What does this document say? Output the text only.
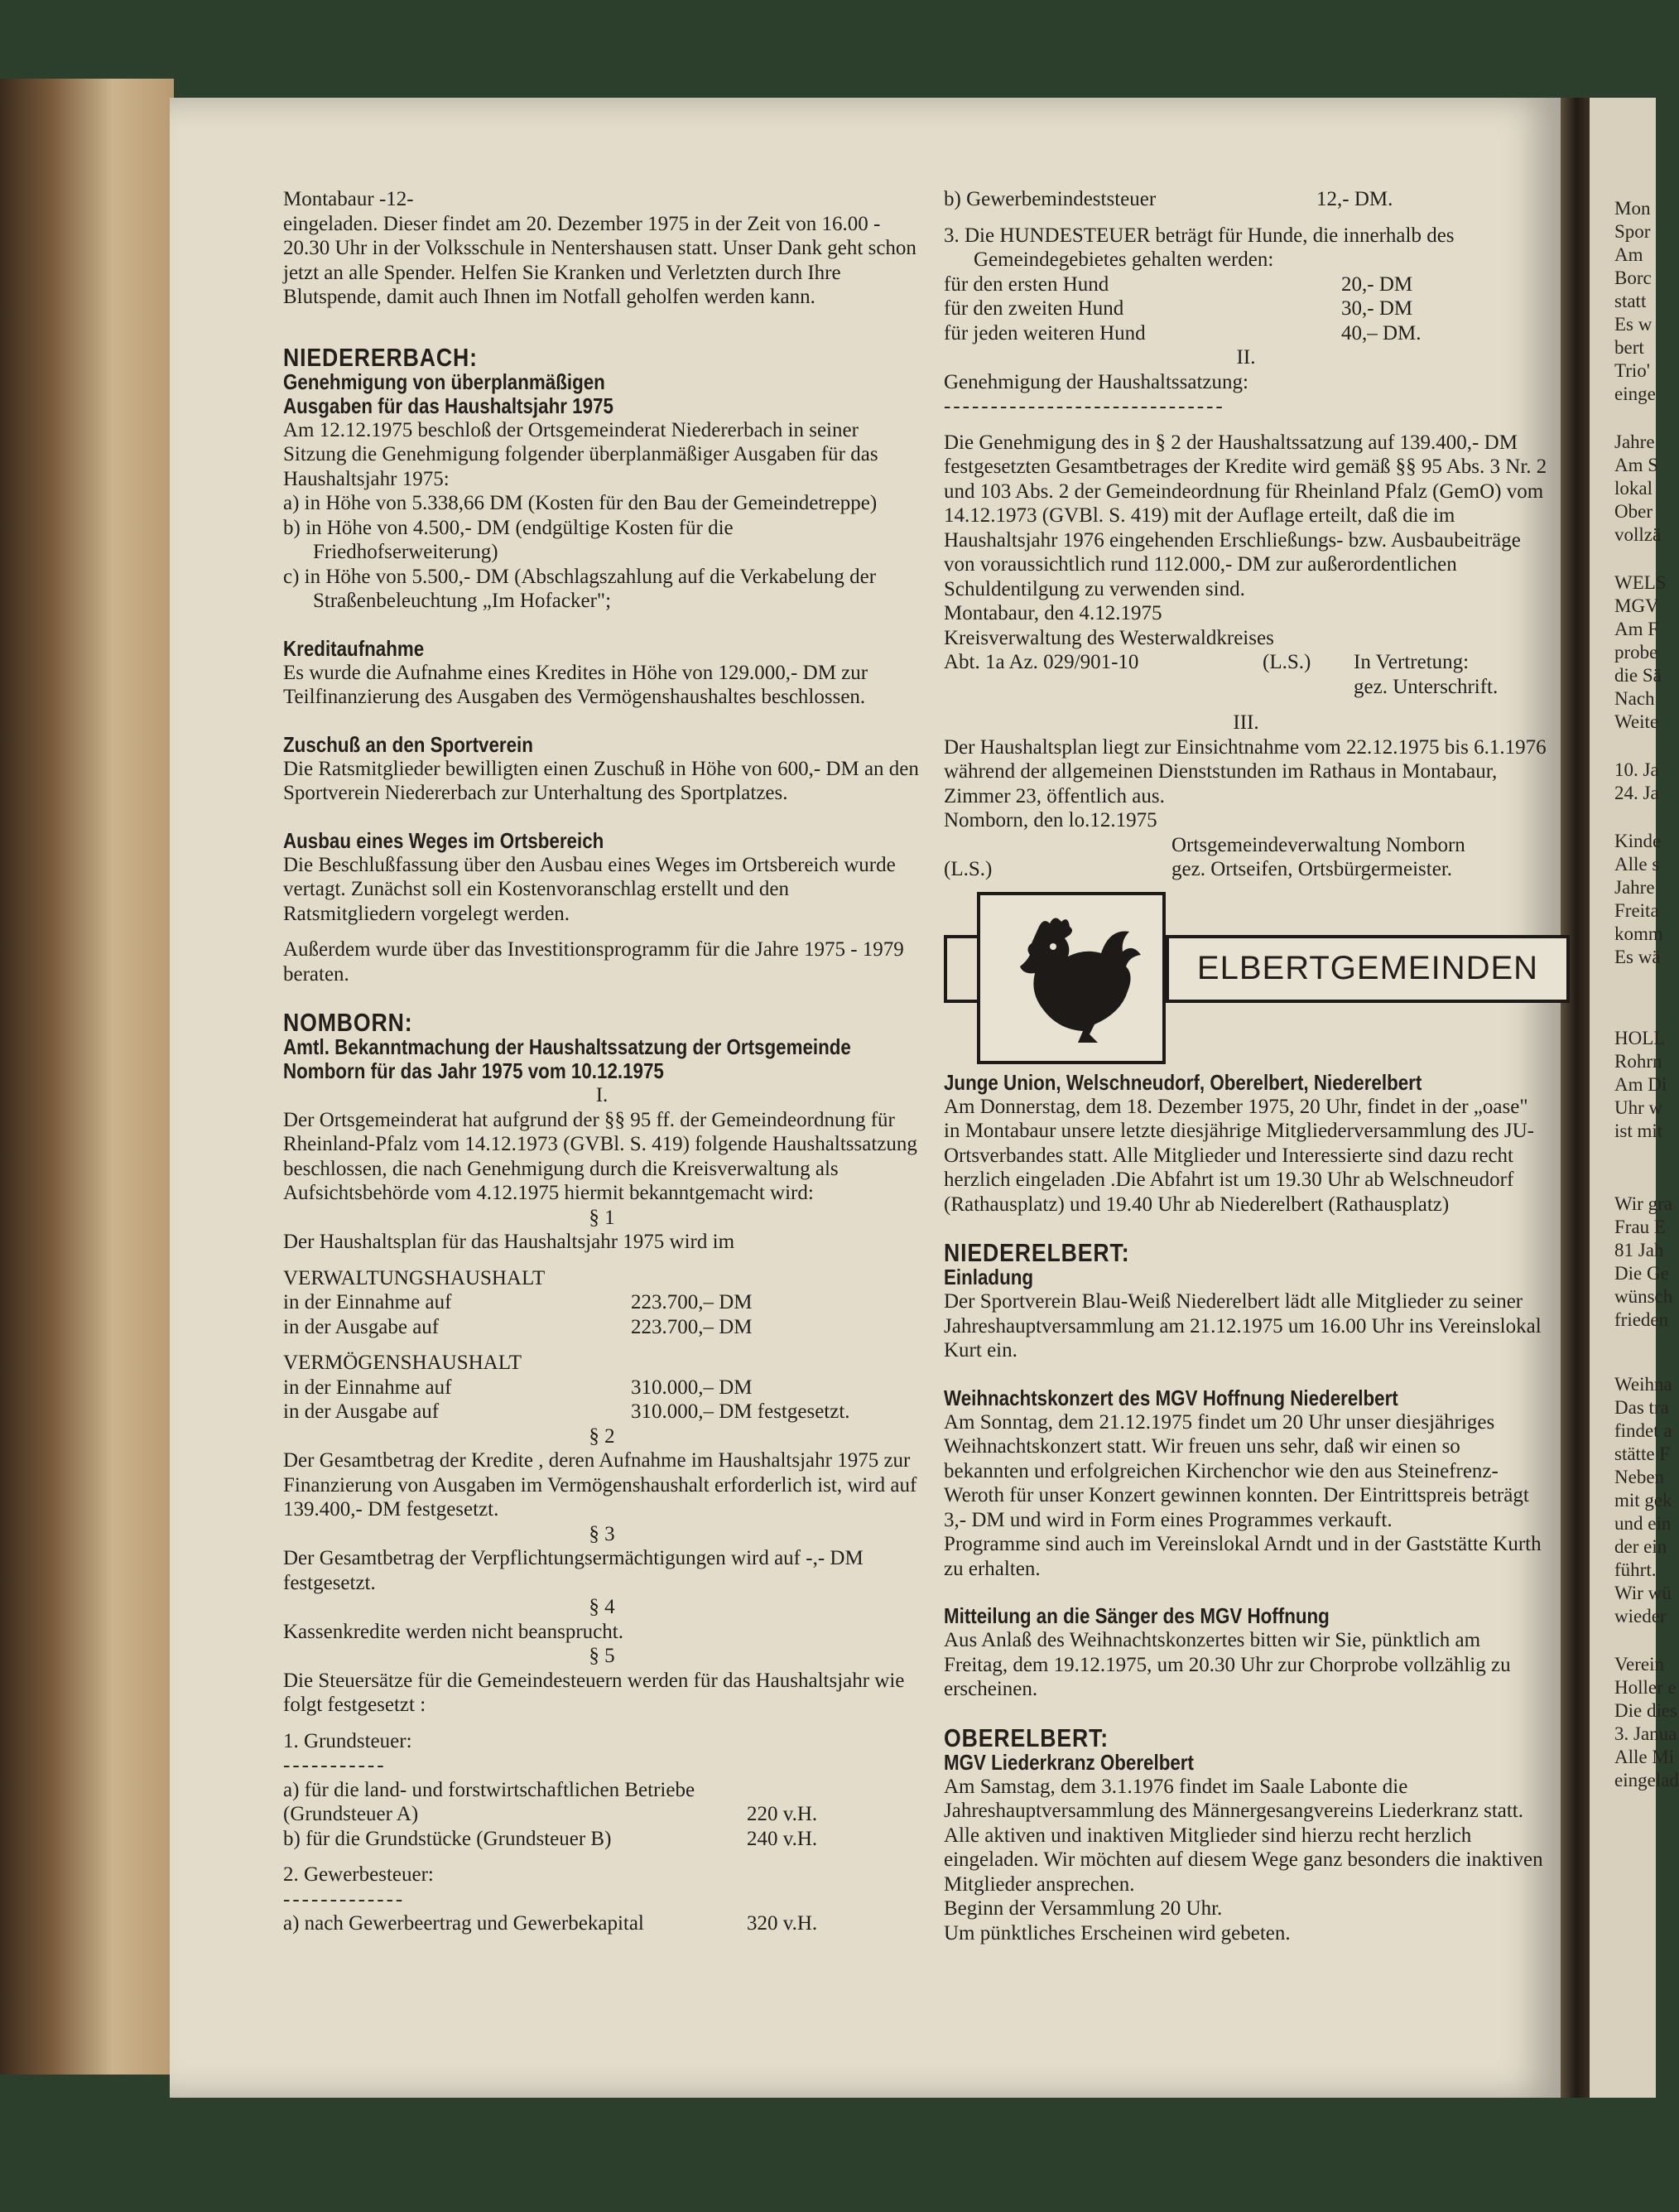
Montabaur -12-

eingeladen. Dieser findet am 20. Dezember 1975 in der Zeit von 16.00 - 20.30 Uhr in der Volksschule in Nentershausen statt. Unser Dank geht schon jetzt an alle Spender. Helfen Sie Kranken und Verletzten durch Ihre Blutspende, damit auch Ihnen im Notfall geholfen werden kann.

NIEDERERBACH:
Genehmigung von überplanmäßigen Ausgaben für das Haushaltsjahr 1975

Am 12.12.1975 beschloß der Ortsgemeinderat Niedererbach in seiner Sitzung die Genehmigung folgender überplanmäßiger Ausgaben für das Haushaltsjahr 1975:

a) in Höhe von 5.338,66 DM (Kosten für den Bau der Gemeindetreppe)

b) in Höhe von 4.500,- DM (endgültige Kosten für die Friedhofserweiterung)

c) in Höhe von 5.500,- DM (Abschlagszahlung auf die Verkabelung der Straßenbeleuchtung „Im Hofacker";

Kreditaufnahme

Es wurde die Aufnahme eines Kredites in Höhe von 129.000,- DM zur Teilfinanzierung des Ausgaben des Vermögenshaushaltes beschlossen.

Zuschuß an den Sportverein

Die Ratsmitglieder bewilligten einen Zuschuß in Höhe von 600,- DM an den Sportverein Niedererbach zur Unterhaltung des Sportplatzes.

Ausbau eines Weges im Ortsbereich

Die Beschlußfassung über den Ausbau eines Weges im Ortsbereich wurde vertagt. Zunächst soll ein Kostenvoranschlag erstellt und den Ratsmitgliedern vorgelegt werden.

Außerdem wurde über das Investitionsprogramm für die Jahre 1975 - 1979 beraten.

NOMBORN:
Amtl. Bekanntmachung der Haushaltssatzung der Ortsgemeinde Nomborn für das Jahr 1975 vom 10.12.1975

I.

Der Ortsgemeinderat hat aufgrund der §§ 95 ff. der Gemeindeordnung für Rheinland-Pfalz vom 14.12.1973 (GVBl. S. 419) folgende Haushaltssatzung beschlossen, die nach Genehmigung durch die Kreisverwaltung als Aufsichtsbehörde vom 4.12.1975 hiermit bekanntgemacht wird:

§ 1

Der Haushaltsplan für das Haushaltsjahr 1975 wird im

VERWALTUNGSHAUSHALT

in der Einnahme auf	223.700,– DM

in der Ausgabe auf	223.700,– DM

VERMÖGENSHAUSHALT

in der Einnahme auf	310.000,– DM

in der Ausgabe auf	310.000,– DM festgesetzt.

§ 2

Der Gesamtbetrag der Kredite , deren Aufnahme im Haushaltsjahr 1975 zur Finanzierung von Ausgaben im Vermögenshaushalt erforderlich ist, wird auf 139.400,- DM festgesetzt.

§ 3

Der Gesamtbetrag der Verpflichtungsermächtigungen wird auf -,- DM festgesetzt.

§ 4

Kassenkredite werden nicht beansprucht.

§ 5

Die Steuersätze für die Gemeindesteuern werden für das Haushaltsjahr wie folgt festgesetzt :

1. Grundsteuer:

-----------

a) für die land- und forstwirtschaftlichen Betriebe (Grundsteuer A)	220 v.H.

b) für die Grundstücke (Grundsteuer B)	240 v.H.

2. Gewerbesteuer:

-------------

a) nach Gewerbeertrag und Gewerbekapital	320 v.H.

b) Gewerbemindeststeuer	12,- DM.

3. Die HUNDESTEUER beträgt für Hunde, die innerhalb des Gemeindegebietes gehalten werden:

für den ersten Hund	20,- DM

für den zweiten Hund	30,- DM

für jeden weiteren Hund	40,– DM.

II.

Genehmigung der Haushaltssatzung:

------------------------------

Die Genehmigung des in § 2 der Haushaltssatzung auf 139.400,- DM festgesetzten Gesamtbetrages der Kredite wird gemäß §§ 95 Abs. 3 Nr. 2 und 103 Abs. 2 der Gemeindeordnung für Rheinland Pfalz (GemO) vom 14.12.1973 (GVBl. S. 419) mit der Auflage erteilt, daß die im Haushaltsjahr 1976 eingehenden Erschließungs- bzw. Ausbaubeiträge von voraussichtlich rund 112.000,- DM zur außerordentlichen Schuldentilgung zu verwenden sind.

Montabaur, den 4.12.1975

Kreisverwaltung des Westerwaldkreises

Abt. 1a Az. 029/901-10	(L.S.)	In Vertretung:

gez. Unterschrift.

III.

Der Haushaltsplan liegt zur Einsichtnahme vom 22.12.1975 bis 6.1.1976 während der allgemeinen Dienststunden im Rathaus in Montabaur, Zimmer 23, öffentlich aus.

Nomborn, den lo.12.1975

Ortsgemeindeverwaltung Nomborn

(L.S.)	gez. Ortseifen, Ortsbürgermeister.

ELBERTGEMEINDEN
Junge Union, Welschneudorf, Oberelbert, Niederelbert

Am Donnerstag, dem 18. Dezember 1975, 20 Uhr, findet in der „oase" in Montabaur unsere letzte diesjährige Mitgliederversammlung des JU-Ortsverbandes statt. Alle Mitglieder und Interessierte sind dazu recht herzlich eingeladen .Die Abfahrt ist um 19.30 Uhr ab Welschneudorf (Rathausplatz) und 19.40 Uhr ab Niederelbert (Rathausplatz)

NIEDERELBERT:
Einladung

Der Sportverein Blau-Weiß Niederelbert lädt alle Mitglieder zu seiner Jahreshauptversammlung am 21.12.1975 um 16.00 Uhr ins Vereinslokal Kurt ein.

Weihnachtskonzert des MGV Hoffnung Niederelbert

Am Sonntag, dem 21.12.1975 findet um 20 Uhr unser diesjähriges Weihnachtskonzert statt. Wir freuen uns sehr, daß wir einen so bekannten und erfolgreichen Kirchenchor wie den aus Steinefrenz-Weroth für unser Konzert gewinnen konnten. Der Eintrittspreis beträgt 3,- DM und wird in Form eines Programmes verkauft.

Programme sind auch im Vereinslokal Arndt und in der Gaststätte Kurth zu erhalten.

Mitteilung an die Sänger des MGV Hoffnung

Aus Anlaß des Weihnachtskonzertes bitten wir Sie, pünktlich am Freitag, dem 19.12.1975, um 20.30 Uhr zur Chorprobe vollzählig zu erscheinen.

OBERELBERT:
MGV Liederkranz Oberelbert

Am Samstag, dem 3.1.1976 findet im Saale Labonte die Jahreshauptversammlung des Männergesangvereins Liederkranz statt. Alle aktiven und inaktiven Mitglieder sind hierzu recht herzlich eingeladen. Wir möchten auf diesem Wege ganz besonders die inaktiven Mitglieder ansprechen.

Beginn der Versammlung 20 Uhr.

Um pünktliches Erscheinen wird gebeten.

Mon
Spor
Am
Borc
statt
Es w
bert
Trio'
einge
Jahre
Am S
lokal
Ober
vollzä
WELS
MGV
Am F
probe
die Sä
Nach
Weite
10. Ja
24. Ja
Kinde
Alle s
Jahre
Freita
komm
Es wä
HOLL
Rohrn
Am Di
Uhr w
ist mit
Wir gra
Frau E
81 Jah
Die Ge
wünsch
frieden
Weihna
Das tra
findet a
stätte F
Neben
mit gek
und ein
der ein
führt.
Wir wü
wieder
Verein
Holler e
Die dies
3. Janua
Alle Mi
eingelad
